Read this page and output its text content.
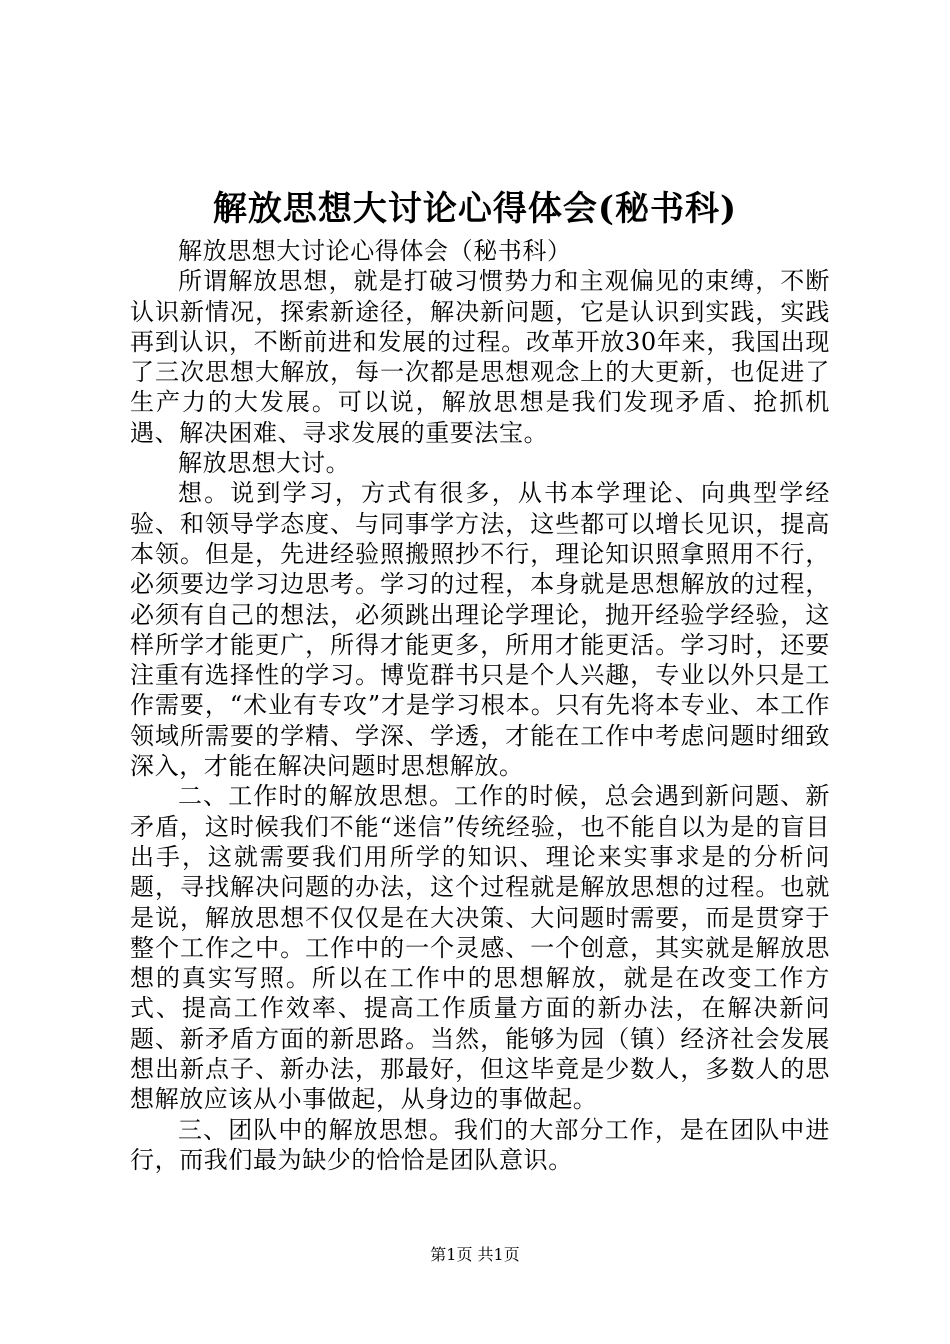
解放思想大讨论心得体会(秘书科)

解放思想大讨论心得体会（秘书科）

所谓解放思想，就是打破习惯势力和主观偏见的束缚，不断认识新情况，探索新途径，解决新问题，它是认识到实践，实践再到认识，不断前进和发展的过程。改革开放30年来，我国出现了三次思想大解放，每一次都是思想观念上的大更新，也促进了生产力的大发展。可以说，解放思想是我们发现矛盾、抢抓机遇、解决困难、寻求发展的重要法宝。

解放思想大讨。

想。说到学习，方式有很多，从书本学理论、向典型学经验、和领导学态度、与同事学方法，这些都可以增长见识，提高本领。但是，先进经验照搬照抄不行，理论知识照拿照用不行，必须要边学习边思考。学习的过程，本身就是思想解放的过程，必须有自己的想法，必须跳出理论学理论，抛开经验学经验，这样所学才能更广，所得才能更多，所用才能更活。学习时，还要注重有选择性的学习。博览群书只是个人兴趣，专业以外只是工作需要，“术业有专攻”才是学习根本。只有先将本专业、本工作领域所需要的学精、学深、学透，才能在工作中考虑问题时细致深入，才能在解决问题时思想解放。

二、工作时的解放思想。工作的时候，总会遇到新问题、新矛盾，这时候我们不能“迷信”传统经验，也不能自以为是的盲目出手，这就需要我们用所学的知识、理论来实事求是的分析问题，寻找解决问题的办法，这个过程就是解放思想的过程。也就是说，解放思想不仅仅是在大决策、大问题时需要，而是贯穿于整个工作之中。工作中的一个灵感、一个创意，其实就是解放思想的真实写照。所以在工作中的思想解放，就是在改变工作方式、提高工作效率、提高工作质量方面的新办法，在解决新问题、新矛盾方面的新思路。当然，能够为园（镇）经济社会发展想出新点子、新办法，那最好，但这毕竟是少数人，多数人的思想解放应该从小事做起，从身边的事做起。

三、团队中的解放思想。我们的大部分工作，是在团队中进行，而我们最为缺少的恰恰是团队意识。

第1页 共1页
